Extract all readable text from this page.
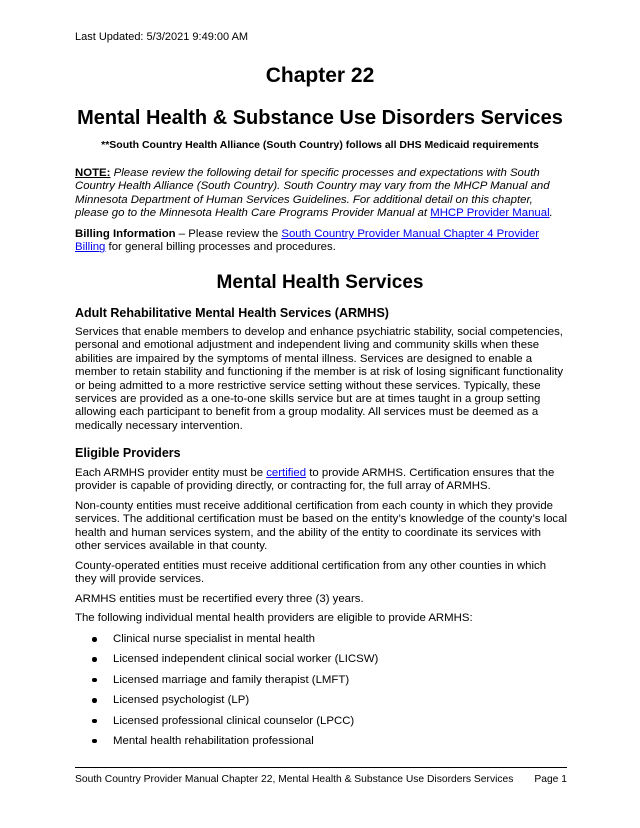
Last Updated: 5/3/2021 9:49:00 AM
Chapter 22
Mental Health & Substance Use Disorders Services
**South Country Health Alliance (South Country) follows all DHS Medicaid requirements
NOTE: Please review the following detail for specific processes and expectations with South Country Health Alliance (South Country). South Country may vary from the MHCP Manual and Minnesota Department of Human Services Guidelines. For additional detail on this chapter, please go to the Minnesota Health Care Programs Provider Manual at MHCP Provider Manual.
Billing Information – Please review the South Country Provider Manual Chapter 4 Provider Billing for general billing processes and procedures.
Mental Health Services
Adult Rehabilitative Mental Health Services (ARMHS)
Services that enable members to develop and enhance psychiatric stability, social competencies, personal and emotional adjustment and independent living and community skills when these abilities are impaired by the symptoms of mental illness. Services are designed to enable a member to retain stability and functioning if the member is at risk of losing significant functionality or being admitted to a more restrictive service setting without these services. Typically, these services are provided as a one-to-one skills service but are at times taught in a group setting allowing each participant to benefit from a group modality. All services must be deemed as a medically necessary intervention.
Eligible Providers
Each ARMHS provider entity must be certified to provide ARMHS. Certification ensures that the provider is capable of providing directly, or contracting for, the full array of ARMHS.
Non-county entities must receive additional certification from each county in which they provide services. The additional certification must be based on the entity’s knowledge of the county’s local health and human services system, and the ability of the entity to coordinate its services with other services available in that county.
County-operated entities must receive additional certification from any other counties in which they will provide services.
ARMHS entities must be recertified every three (3) years.
The following individual mental health providers are eligible to provide ARMHS:
Clinical nurse specialist in mental health
Licensed independent clinical social worker (LICSW)
Licensed marriage and family therapist (LMFT)
Licensed psychologist (LP)
Licensed professional clinical counselor (LPCC)
Mental health rehabilitation professional
South Country Provider Manual Chapter 22, Mental Health & Substance Use Disorders Services Page 1
